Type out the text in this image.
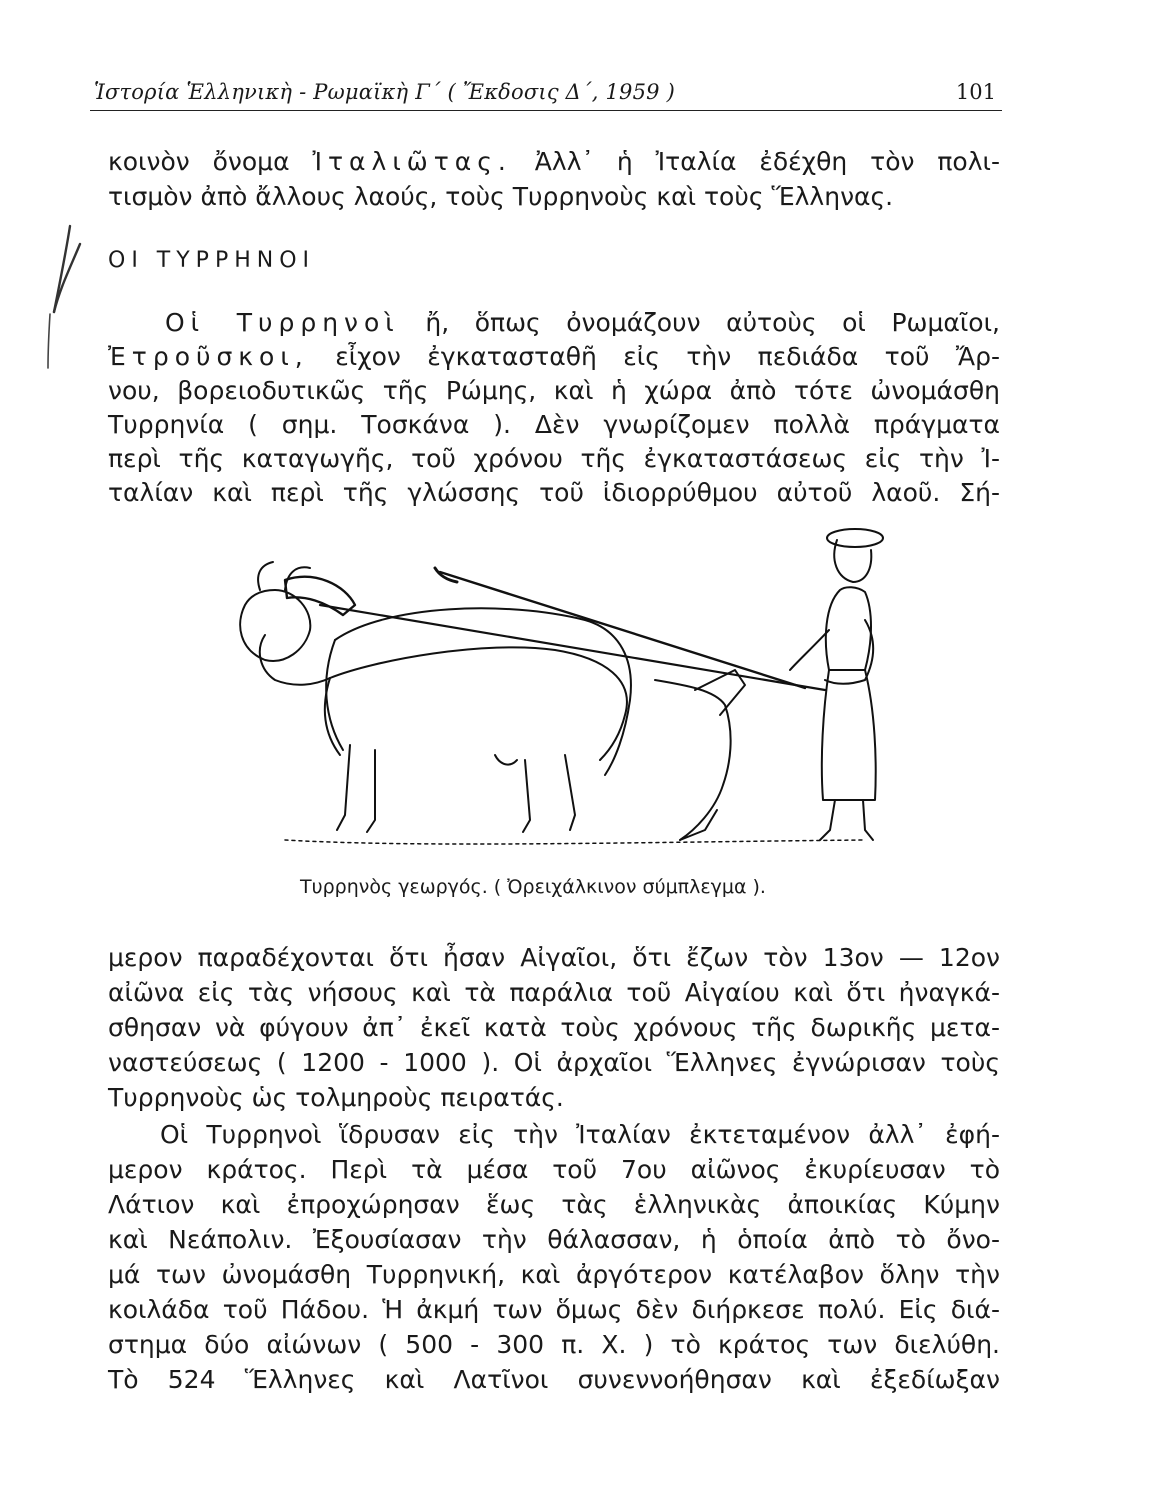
Ἱστορία Ἑλληνικὴ - Ρωμαϊκὴ Γ΄ ( Ἔκδοσις Δ΄, 1959 )	101
κοινὸν ὄνομα Ἰταλιῶτας. Ἀλλ᾽ ἡ Ἰταλία ἐδέχθη τὸν πολι-
τισμὸν ἀπὸ ἄλλους λαούς, τοὺς Τυρρηνοὺς καὶ τοὺς Ἕλληνας.
ΟΙ ΤΥΡΡΗΝΟΙ
Οἱ Τυρρηνοὶ ἤ, ὅπως ὀνομάζουν αὐτοὺς οἱ Ρωμαῖοι,
Ἐτροῦσκοι, εἶχον ἐγκατασταθῆ εἰς τὴν πεδιάδα τοῦ Ἄρ-
νου, βορειοδυτικῶς τῆς Ρώμης, καὶ ἡ χώρα ἀπὸ τότε ὠνομάσθη
Τυρρηνία ( σημ. Τοσκάνα ). Δὲν γνωρίζομεν πολλὰ πράγματα
περὶ τῆς καταγωγῆς, τοῦ χρόνου τῆς ἐγκαταστάσεως εἰς τὴν Ἰ-
ταλίαν καὶ περὶ τῆς γλώσσης τοῦ ἰδιορρύθμου αὐτοῦ λαοῦ. Σή-
Τυρρηνὸς γεωργός. ( Ὀρειχάλκινον σύμπλεγμα ).
μερον παραδέχονται ὅτι ἦσαν Αἰγαῖοι, ὅτι ἔζων τὸν 13ον — 12ον
αἰῶνα εἰς τὰς νήσους καὶ τὰ παράλια τοῦ Αἰγαίου καὶ ὅτι ἠναγκά-
σθησαν νὰ φύγουν ἀπ᾽ ἐκεῖ κατὰ τοὺς χρόνους τῆς δωρικῆς μετα-
ναστεύσεως ( 1200 - 1000 ). Οἱ ἀρχαῖοι Ἕλληνες ἐγνώρισαν τοὺς
Τυρρηνοὺς ὡς τολμηροὺς πειρατάς.
Οἱ Τυρρηνοὶ ἵδρυσαν εἰς τὴν Ἰταλίαν ἐκτεταμένον ἀλλ᾽ ἐφή-
μερον κράτος. Περὶ τὰ μέσα τοῦ 7ου αἰῶνος ἐκυρίευσαν τὸ
Λάτιον καὶ ἐπροχώρησαν ἕως τὰς ἑλληνικὰς ἀποικίας Κύμην
καὶ Νεάπολιν. Ἐξουσίασαν τὴν θάλασσαν, ἡ ὁποία ἀπὸ τὸ ὄνο-
μά των ὠνομάσθη Τυρρηνική, καὶ ἀργότερον κατέλαβον ὅλην τὴν
κοιλάδα τοῦ Πάδου. Ἡ ἀκμή των ὅμως δὲν διήρκεσε πολύ. Εἰς διά-
στημα δύο αἰώνων ( 500 - 300 π. Χ. ) τὸ κράτος των διελύθη.
Τὸ 524 Ἕλληνες καὶ Λατῖνοι συνεννοήθησαν καὶ ἐξεδίωξαν
